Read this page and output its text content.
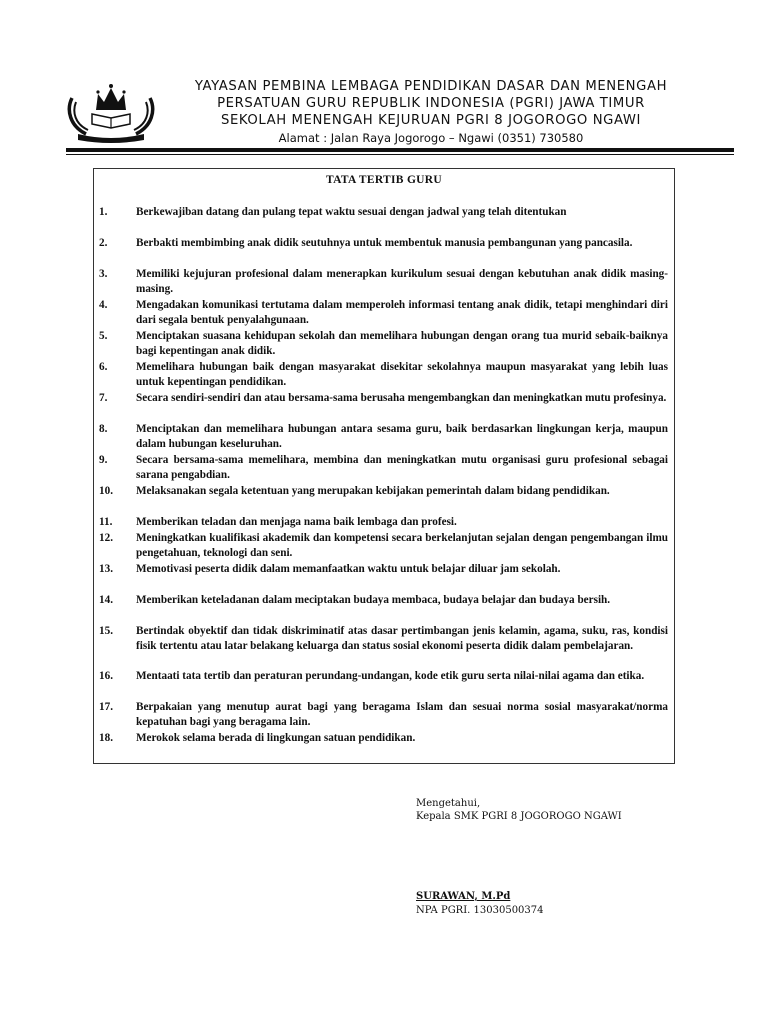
YAYASAN PEMBINA LEMBAGA PENDIDIKAN DASAR DAN MENENGAH
PERSATUAN GURU REPUBLIK INDONESIA (PGRI) JAWA TIMUR
SEKOLAH MENENGAH KEJURUAN PGRI 8 JOGOROGO NGAWI
Alamat : Jalan Raya Jogorogo – Ngawi (0351) 730580
TATA TERTIB GURU
1.	Berkewajiban datang dan pulang tepat waktu sesuai dengan jadwal yang telah ditentukan
2.	Berbakti membimbing anak didik seutuhnya untuk membentuk manusia pembangunan yang pancasila.
3.	Memiliki kejujuran profesional dalam menerapkan kurikulum sesuai dengan kebutuhan anak didik masing-masing.
4.	Mengadakan komunikasi tertutama dalam memperoleh informasi tentang anak didik, tetapi menghindari diri dari segala bentuk penyalahgunaan.
5.	Menciptakan suasana kehidupan sekolah dan memelihara hubungan dengan orang tua murid sebaik-baiknya bagi kepentingan anak didik.
6.	Memelihara hubungan baik dengan masyarakat disekitar sekolahnya maupun masyarakat yang lebih luas untuk kepentingan pendidikan.
7.	Secara sendiri-sendiri dan atau bersama-sama berusaha mengembangkan dan meningkatkan mutu profesinya.
8.	Menciptakan dan memelihara hubungan antara sesama guru, baik berdasarkan lingkungan kerja, maupun dalam hubungan keseluruhan.
9.	Secara bersama-sama memelihara, membina dan meningkatkan mutu organisasi guru profesional sebagai sarana pengabdian.
10.	Melaksanakan segala ketentuan yang merupakan kebijakan pemerintah dalam bidang pendidikan.
11.	Memberikan teladan dan menjaga nama baik lembaga dan profesi.
12.	Meningkatkan kualifikasi akademik dan kompetensi secara berkelanjutan sejalan dengan pengembangan ilmu pengetahuan, teknologi dan seni.
13.	Memotivasi peserta didik dalam memanfaatkan waktu untuk belajar diluar jam sekolah.
14.	Memberikan keteladanan dalam meciptakan budaya membaca, budaya belajar dan budaya bersih.
15.	Bertindak obyektif dan tidak diskriminatif atas dasar pertimbangan jenis kelamin, agama, suku, ras, kondisi fisik tertentu atau latar belakang keluarga dan status sosial ekonomi peserta didik dalam pembelajaran.
16.	Mentaati tata tertib dan peraturan perundang-undangan, kode etik guru serta nilai-nilai agama dan etika.
17.	Berpakaian yang menutup aurat bagi yang beragama Islam dan sesuai norma sosial masyarakat/norma kepatuhan bagi yang beragama lain.
18.	Merokok selama berada di lingkungan satuan pendidikan.
Mengetahui,
Kepala SMK PGRI 8 JOGOROGO NGAWI
SURAWAN, M.Pd
NPA PGRI. 13030500374
